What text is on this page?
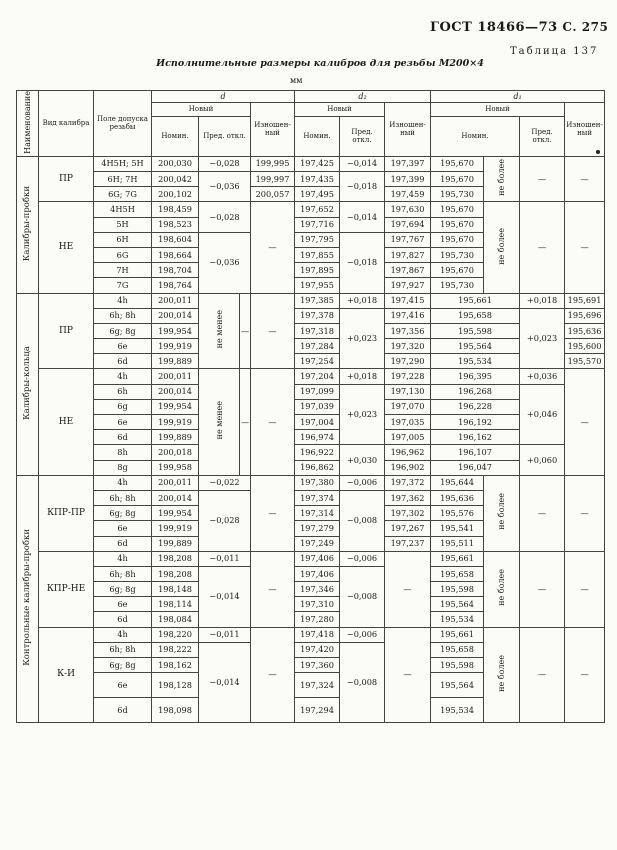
ГОСТ 18466—73 С. 275
Таблица 137
Исполнительные размеры калибров для резьбы М200×4
мм
Наименование	Вид калибра	Поле допуска резьбы	d				d₂			d₁			
			Новый			Изношен-ный	Новый		Изношен-ный	Новый			Изношен-ный
			Номин.	Пред. откл.			Номин.	Пред. откл.		Номин.		Пред. откл.	
Калибры-пробки	ПР	4H5H; 5H	200,030	−0,028		199,995	197,425	−0,014	197,397	195,670	не более	—	—
		6H; 7H	200,042	−0,036		199,997	197,435	−0,018	197,399	195,670			
		6G; 7G	200,102			200,057	197,495		197,459	195,730			
	НЕ	4H5H	198,459	−0,028		—	197,652	−0,014	197,630	195,670	не более	—	—
		5H	198,523				197,716		197,694	195,670			
		6H	198,604	−0,036			197,795	−0,018	197,767	195,670			
		6G	198,664				197,855		197,827	195,730			
		7H	198,704				197,895		197,867	195,670			
		7G	198,764				197,955		197,927	195,730			
Калибры-кольца	ПР	4h	200,011	не менее	—	—	197,385	+0,018	197,415	195,661		+0,018	195,691
		6h; 8h	200,014				197,378	+0,023	197,416	195,658		+0,023	195,696
		6g; 8g	199,954				197,318		197,356	195,598			195,636
		6e	199,919				197,284		197,320	195,564			195,600
		6d	199,889				197,254		197,290	195,534			195,570
	НЕ	4h	200,011	не менее	—	—	197,204	+0,018	197,228	196,395		+0,036	—
		6h	200,014				197,099	+0,023	197,130	196,268		+0,046	
		6g	199,954				197,039		197,070	196,228			
		6e	199,919				197,004		197,035	196,192			
		6d	199,889				196,974		197,005	196,162			
		8h	200,018				196,922	+0,030	196,962	196,107		+0,060	
		8g	199,958				196,862		196,902	196,047			
Контрольные калибры-пробки	КПР-ПР	4h	200,011	−0,022		—	197,380	−0,006	197,372	195,644	не более	—	—
		6h; 8h	200,014	−0,028			197,374	−0,008	197,362	195,636			
		6g; 8g	199,954				197,314		197,302	195,576			
		6e	199,919				197,279		197,267	195,541			
		6d	199,889				197,249		197,237	195,511			
	КПР-НЕ	4h	198,208	−0,011		—	197,406	−0,006	—	195,661	не более	—	—
		6h; 8h	198,208	−0,014			197,406	−0,008		195,658			
		6g; 8g	198,148				197,346			195,598			
		6e	198,114				197,310			195,564			
		6d	198,084				197,280			195,534			
	К-И	4h	198,220	−0,011		—	197,418	−0,006	—	195,661	не более	—	—
		6h; 8h	198,222	−0,014			197,420	−0,008		195,658			
		6g; 8g	198,162				197,360			195,598			
		6e	198,128				197,324			195,564			
		6d	198,098				197,294			195,534			
